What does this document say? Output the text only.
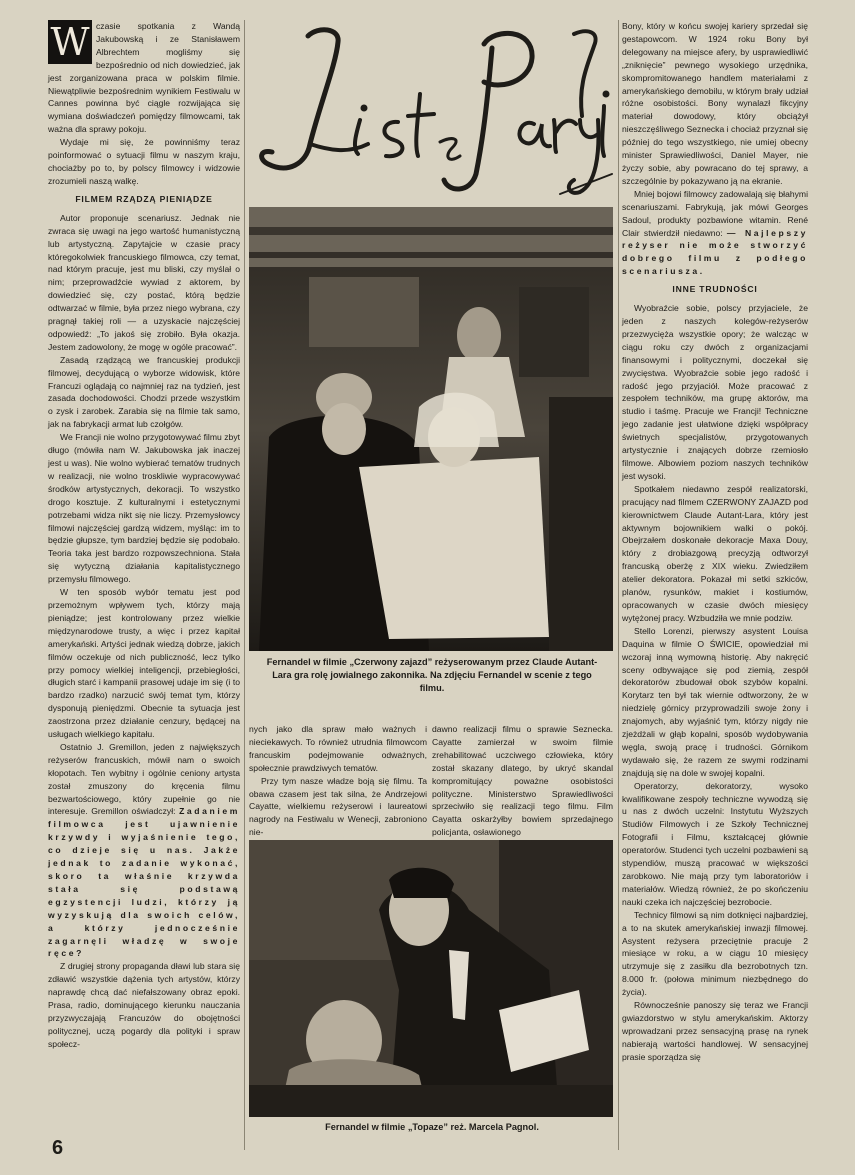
W czasie spotkania z Wandą Jakubowską i ze Stanisławem Albrechtem mogliśmy się bezpośrednio od nich dowiedzieć, jak jest zorganizowana praca w polskim filmie. Niewątpliwie bezpośrednim wynikiem Festiwalu w Cannes powinna być ciągle rozwijająca się wymiana doświadczeń pomiędzy filmowcami, tak ważna dla sprawy pokoju.

Wydaje mi się, że powinniśmy teraz poinformować o sytuacji filmu w naszym kraju, chociażby po to, by polscy filmowcy i widzowie zrozumieli naszą walkę.

FILMEM RZĄDZĄ PIENIĄDZE

Autor proponuje scenariusz. Jednak nie zwraca się uwagi na jego wartość humanistyczną lub artystyczną. Zapytajcie w czasie pracy któregokolwiek francuskiego filmowca, czy temat, nad którym pracuje, jest mu bliski, czy myślał o nim; przeprowadźcie wywiad z aktorem, by dowiedzieć się, czy postać, którą będzie odtwarzać w filmie, była przez niego wybrana, czy pragnął takiej roli — a uzyskacie najczęściej odpowiedź: „To jakoś się zrobiło. Była okazja. Jestem zadowolony, że mogę w ogóle pracować”.

Zasadą rządzącą we francuskiej produkcji filmowej, decydującą o wyborze widowisk, które Francuzi oglądają co najmniej raz na tydzień, jest zasada dochodowości. Chodzi przede wszystkim o zysk i zarobek. Zarabia się na filmie tak samo, jak na fabrykacji armat lub czołgów.

We Francji nie wolno przygotowywać filmu zbyt długo (mówiła nam W. Jakubowska jak inaczej jest u was). Nie wolno wybierać tematów trudnych w realizacji, nie wolno troskliwie wypracowywać środków artystycznych, dekoracji. To wszystko drogo kosztuje. Z kulturalnymi i estetycznymi potrzebami widza nikt się nie liczy. Przemysłowcy filmowi najczęściej gardzą widzem, myśląc: im to będzie głupsze, tym bardziej będzie się podobało. Teoria taka jest bardzo rozpowszechniona. Stała się wytyczną działania kapitalistycznego przemysłu filmowego.

W ten sposób wybór tematu jest pod przemożnym wpływem tych, którzy mają pieniądze; jest kontrolowany przez wielkie międzynarodowe trusty, a więc i przez kapitał amerykański. Artyści jednak wiedzą dobrze, jakich filmów oczekuje od nich publiczność, lecz tylko przy pomocy wielkiej inteligencji, przebiegłości, długich starć i kampanii prasowej udaje im się (i to bardzo rzadko) narzucić swój temat tym, którzy dysponują pieniędzmi. Obecnie ta sytuacja jest zaostrzona przez działanie cenzury, będącej na usługach wielkiego kapitału.

Ostatnio J. Gremillon, jeden z największych reżyserów francuskich, mówił nam o swoich kłopotach. Ten wybitny i ogólnie ceniony artysta został zmuszony do kręcenia filmu bezwartościowego, który zupełnie go nie interesuje. Gremillon oświadczył: Zadaniem filmowca jest ujawnienie krzywdy i wyjaśnienie tego, co dzieje się u nas. Jakże jednak to zadanie wykonać, skoro ta właśnie krzywda stała się podstawą egzystencji ludzi, którzy ją wyzyskują dla swoich celów, a którzy jednocześnie zagarnęli władzę w swoje ręce?

Z drugiej strony propaganda dławi lub stara się zdławić wszystkie dążenia tych artystów, którzy naprawdę chcą dać niefałszowany obraz epoki. Prasa, radio, dominującego kierunku nauczania przyzwyczajają Francuzów do obojętności politycznej, uczą pogardy dla polityki i spraw społecz-

Fernandel w filmie „Czerwony zajazd” reżyserowanym przez Claude Autant-Lara gra rolę jowialnego zakonnika. Na zdjęciu Fernandel w scenie z tego filmu.

nych jako dla spraw mało ważnych i nieciekawych. To również utrudnia filmowcom francuskim podejmowanie odważnych, społecznie prawdziwych tematów.

Przy tym nasze władze boją się filmu. Ta obawa czasem jest tak silna, że Andrzejowi Cayatte, wielkiemu reżyserowi i laureatowi nagrody na Festiwalu w Wenecji, zabroniono nie-

dawno realizacji filmu o sprawie Seznecka. Cayatte zamierzał w swoim filmie zrehabilitować uczciwego człowieka, który został skazany dlatego, by ukryć skandal kompromitujący poważne osobistości polityczne. Ministerstwo Sprawiedliwości sprzeciwiło się realizacji tego filmu. Film Cayatta oskarżyłby bowiem sprzedajnego policjanta, osławionego

Fernandel w filmie „Topaze” reż. Marcela Pagnol.

Bony, który w końcu swojej kariery sprzedał się gestapowcom. W 1924 roku Bony był delegowany na miejsce afery, by usprawiedliwić „zniknięcie” pewnego wysokiego urzędnika, skompromitowanego handlem materiałami z amerykańskiego demobilu, w którym brały udział różne osobistości. Bony wynalazł fikcyjny materiał dowodowy, który obciążył nieszczęśliwego Seznecka i chociaż przyznał się później do tego wszystkiego, nie umiej obecny minister Sprawiedliwości, Daniel Mayer, nie życzy sobie, aby powracano do tej sprawy, a szczególnie by pokazywano ją na ekranie.

Mniej bojowi filmowcy zadowalają się błahymi scenariuszami. Fabrykują, jak mówi Georges Sadoul, produkty pozbawione witamin. René Clair stwierdził niedawno: — Najlepszy reżyser nie może stworzyć dobrego filmu z podłego scenariusza.

INNE TRUDNOŚCI

Wyobraźcie sobie, polscy przyjaciele, że jeden z naszych kolegów-reżyserów przezwycięża wszystkie opory; że walcząc w ciągu roku czy dwóch z organizacjami finansowymi i politycznymi, doczekał się zwycięstwa. Wyobraźcie sobie jego radość i radość jego przyjaciół. Może pracować z zespołem techników, ma grupę aktorów, ma studio i taśmę. Pracuje we Francji! Techniczne jego zadanie jest ułatwione dzięki współpracy świetnych specjalistów, przygotowanych artystycznie i znających dobrze rzemiosło filmowe. Albowiem poziom naszych techników jest wysoki.

Spotkałem niedawno zespół realizatorski, pracujący nad filmem CZERWONY ZAJAZD pod kierownictwem Claude Autant-Lara, który jest aktywnym bojownikiem walki o pokój. Obejrzałem doskonałe dekoracje Maxa Douy, który z drobiazgową precyzją odtworzył francuską oberżę z XIX wieku. Zwiedziłem atelier dekoratora. Pokazał mi setki szkiców, planów, rysunków, makiet i kostiumów, opracowanych w czasie dwóch miesięcy wytężonej pracy. Wzbudziła we mnie podziw.

Stello Lorenzi, pierwszy asystent Louisa Daquina w filmie O ŚWICIE, opowiedział mi wczoraj inną wymowną historię. Aby nakręcić sceny odbywające się pod ziemią, zespół dekoratorów zbudował obok szybów kopalni. Korytarz ten był tak wiernie odtworzony, że w niedzielę górnicy przyprowadzili swoje żony i znajomych, aby wyjaśnić tym, którzy nigdy nie zjeżdżali w głąb kopalni, sposób wydobywania węgla, swoją pracę i trudności. Górnikom wydawało się, że razem ze swymi rodzinami znajdują się na dole w swojej kopalni.

Operatorzy, dekoratorzy, wysoko kwalifikowane zespoły techniczne wywodzą się u nas z dwóch uczelni: Instytutu Wyższych Studiów Filmowych i ze Szkoły Technicznej Fotografii i Filmu, kształcącej głównie operatorów. Studenci tych uczelni pozbawieni są stypendiów, muszą pracować w większości zarobkowo. Nie mają przy tym laboratoriów i materiałów. Wiedzą również, że po skończeniu nauki czeka ich najczęściej bezrobocie.

Technicy filmowi są nim dotknięci najbardziej, a to na skutek amerykańskiej inwazji filmowej. Asystent reżysera przeciętnie pracuje 2 miesiące w roku, a w ciągu 10 miesięcy utrzymuje się z zasiłku dla bezrobotnych tzn. 8.000 fr. (połowa minimum niezbędnego do życia).

Równocześnie panoszy się teraz we Francji gwiazdorstwo w stylu amerykańskim. Aktorzy wprowadzani przez sensacyjną prasę na rynek nabierają wartości handlowej. W sensacyjnej prasie sporządza się

6
